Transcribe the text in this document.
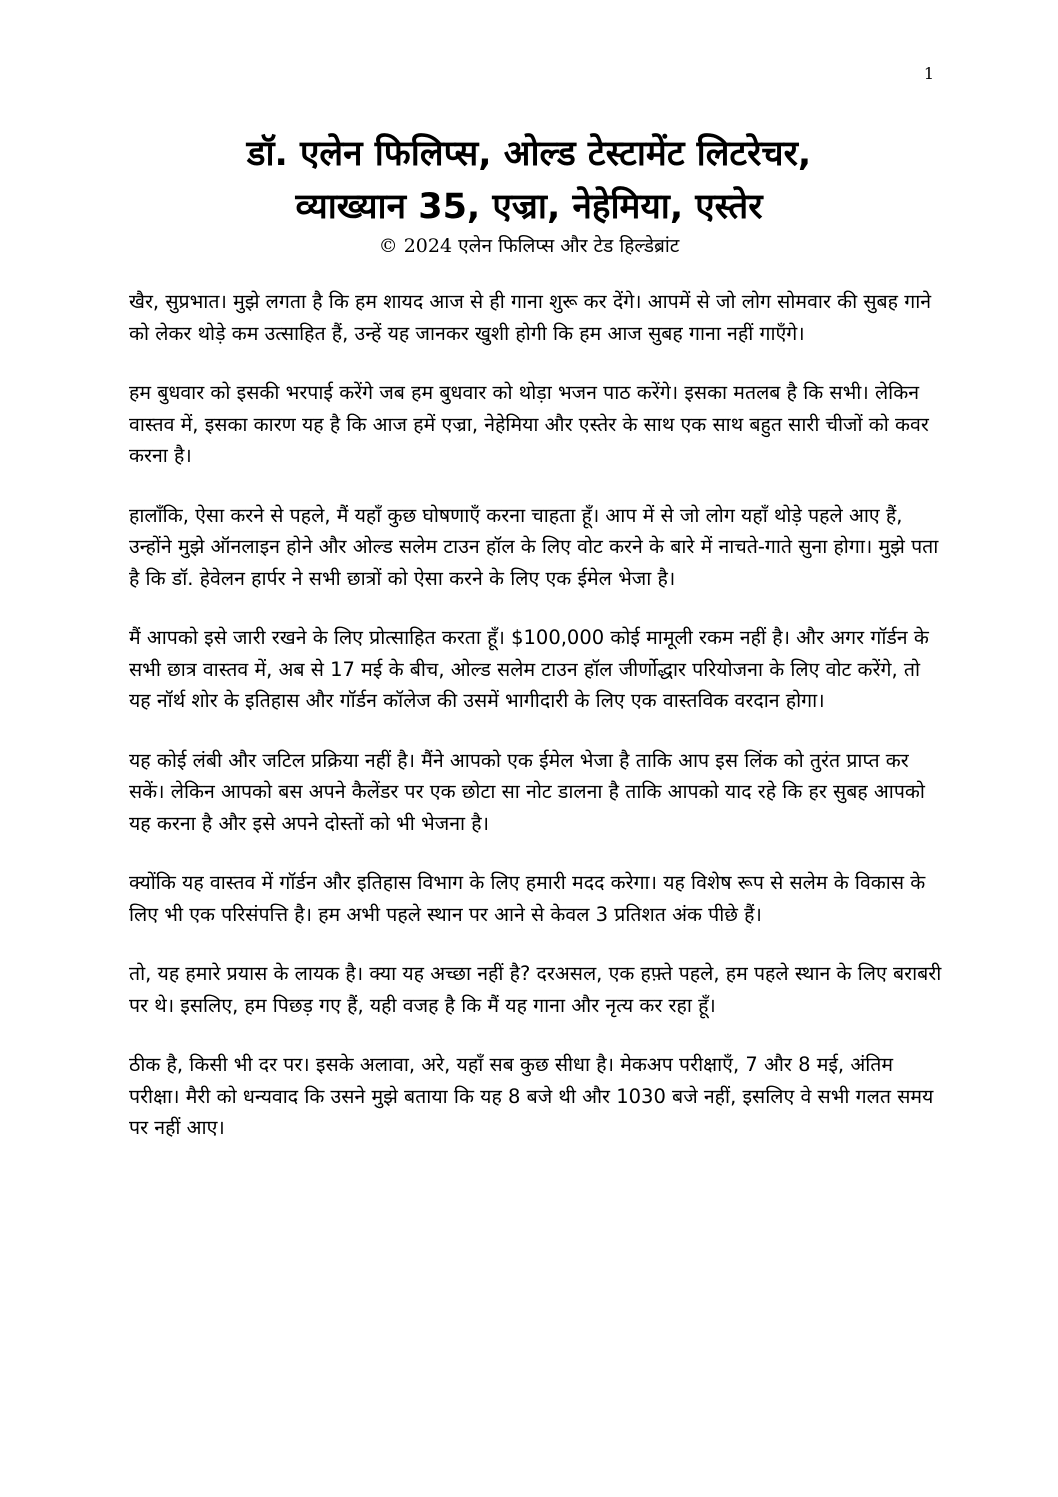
1
डॉ. एलेन फिलिप्स, ओल्ड टेस्टामेंट लिटरेचर,
व्याख्यान 35, एज्रा, नेहेमिया, एस्तेर
© 2024 एलेन फिलिप्स और टेड हिल्डेब्रांट

खैर, सुप्रभात। मुझे लगता है कि हम शायद आज से ही गाना शुरू कर देंगे। आपमें से जो लोग सोमवार की सुबह गाने को लेकर थोड़े कम उत्साहित हैं, उन्हें यह जानकर खुशी होगी कि हम आज सुबह गाना नहीं गाएँगे।

हम बुधवार को इसकी भरपाई करेंगे जब हम बुधवार को थोड़ा भजन पाठ करेंगे। इसका मतलब है कि सभी। लेकिन वास्तव में, इसका कारण यह है कि आज हमें एज्रा, नेहेमिया और एस्तेर के साथ एक साथ बहुत सारी चीजों को कवर करना है।

हालाँकि, ऐसा करने से पहले, मैं यहाँ कुछ घोषणाएँ करना चाहता हूँ। आप में से जो लोग यहाँ थोड़े पहले आए हैं, उन्होंने मुझे ऑनलाइन होने और ओल्ड सलेम टाउन हॉल के लिए वोट करने के बारे में नाचते-गाते सुना होगा। मुझे पता है कि डॉ. हेवेलन हार्पर ने सभी छात्रों को ऐसा करने के लिए एक ईमेल भेजा है।

मैं आपको इसे जारी रखने के लिए प्रोत्साहित करता हूँ। $100,000 कोई मामूली रकम नहीं है। और अगर गॉर्डन के सभी छात्र वास्तव में, अब से 17 मई के बीच, ओल्ड सलेम टाउन हॉल जीर्णोद्धार परियोजना के लिए वोट करेंगे, तो यह नॉर्थ शोर के इतिहास और गॉर्डन कॉलेज की उसमें भागीदारी के लिए एक वास्तविक वरदान होगा।

यह कोई लंबी और जटिल प्रक्रिया नहीं है। मैंने आपको एक ईमेल भेजा है ताकि आप इस लिंक को तुरंत प्राप्त कर सकें। लेकिन आपको बस अपने कैलेंडर पर एक छोटा सा नोट डालना है ताकि आपको याद रहे कि हर सुबह आपको यह करना है और इसे अपने दोस्तों को भी भेजना है।

क्योंकि यह वास्तव में गॉर्डन और इतिहास विभाग के लिए हमारी मदद करेगा। यह विशेष रूप से सलेम के विकास के लिए भी एक परिसंपत्ति है। हम अभी पहले स्थान पर आने से केवल 3 प्रतिशत अंक पीछे हैं।

तो, यह हमारे प्रयास के लायक है। क्या यह अच्छा नहीं है? दरअसल, एक हफ़्ते पहले, हम पहले स्थान के लिए बराबरी पर थे। इसलिए, हम पिछड़ गए हैं, यही वजह है कि मैं यह गाना और नृत्य कर रहा हूँ।

ठीक है, किसी भी दर पर। इसके अलावा, अरे, यहाँ सब कुछ सीधा है। मेकअप परीक्षाएँ, 7 और 8 मई, अंतिम परीक्षा। मैरी को धन्यवाद कि उसने मुझे बताया कि यह 8 बजे थी और 1030 बजे नहीं, इसलिए वे सभी गलत समय पर नहीं आए।
